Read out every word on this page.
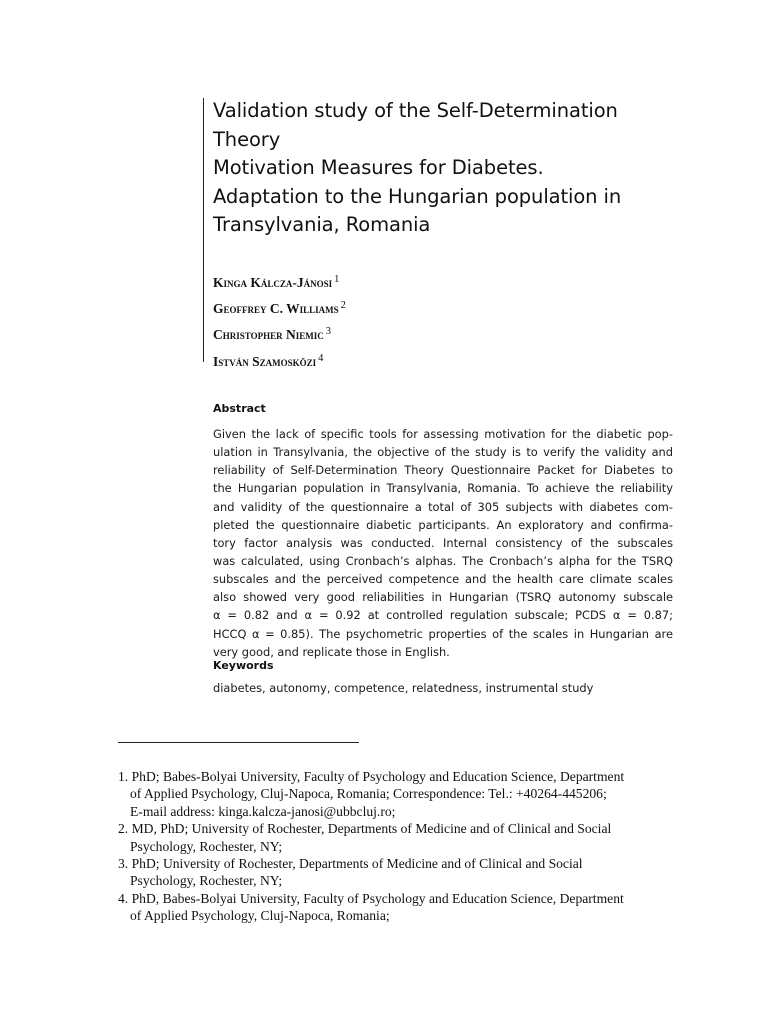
Validation study of the Self-Determination
Theory
Motivation Measures for Diabetes.
Adaptation to the Hungarian population in
Transylvania, Romania
Kinga Kálcza-Jánosi $^1$
Geoffrey C. Williams $^2$
Christopher Niemic $^3$
István Szamosközi $^4$
Abstract
Given the lack of specific tools for assessing motivation for the diabetic pop-
ulation in Transylvania, the objective of the study is to verify the validity and
reliability of Self-Determination Theory Questionnaire Packet for Diabetes to
the Hungarian population in Transylvania, Romania. To achieve the reliability
and validity of the questionnaire a total of 305 subjects with diabetes com-
pleted the questionnaire diabetic participants. An exploratory and confirma-
tory factor analysis was conducted. Internal consistency of the subscales
was calculated, using Cronbach’s alphas. The Cronbach’s alpha for the TSRQ
subscales and the perceived competence and the health care climate scales
also showed very good reliabilities in Hungarian (TSRQ autonomy subscale
α = 0.82 and α = 0.92 at controlled regulation subscale; PCDS α = 0.87;
HCCQ α = 0.85). The psychometric properties of the scales in Hungarian are
very good, and replicate those in English.
Keywords
diabetes, autonomy, competence, relatedness, instrumental study
1. PhD; Babes-Bolyai University, Faculty of Psychology and Education Science, Department
of Applied Psychology, Cluj-Napoca, Romania; Correspondence: Tel.: +40264-445206;
E-mail address: kinga.kalcza-janosi@ubbcluj.ro;
2. MD, PhD; University of Rochester, Departments of Medicine and of Clinical and Social
Psychology, Rochester, NY;
3. PhD; University of Rochester, Departments of Medicine and of Clinical and Social
Psychology, Rochester, NY;
4. PhD, Babes-Bolyai University, Faculty of Psychology and Education Science, Department
of Applied Psychology, Cluj-Napoca, Romania;
